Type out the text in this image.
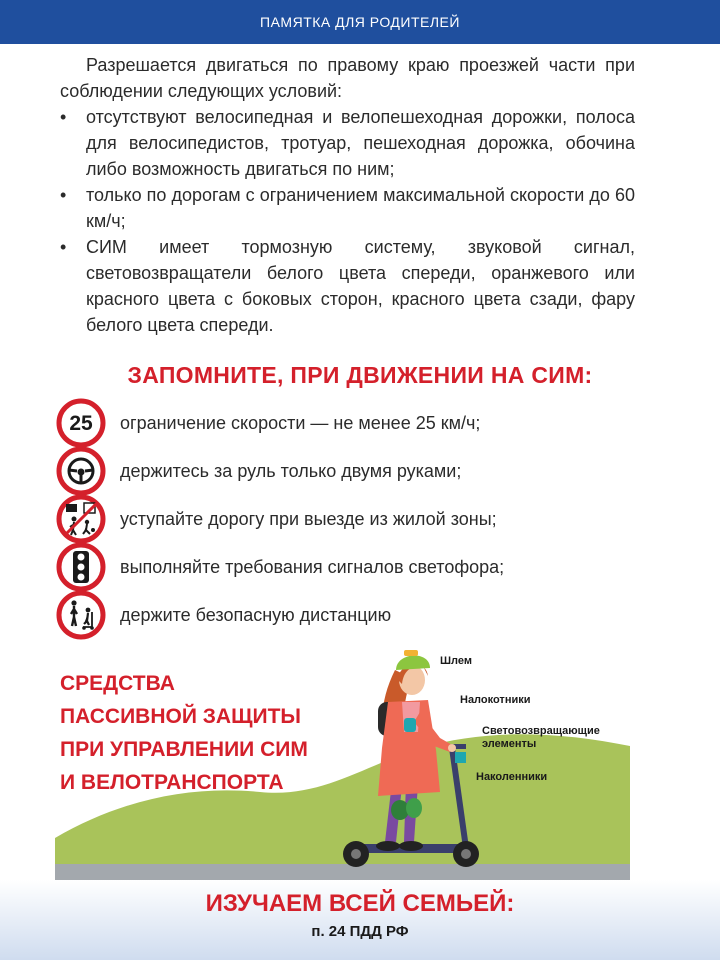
ПАМЯТКА ДЛЯ РОДИТЕЛЕЙ

Разрешается двигаться по правому краю проезжей части при соблюдении следующих условий:

• отсутствуют велосипедная и велопешеходная дорожки, полоса для велосипедистов, тротуар, пешеходная дорожка, обочина либо возможность двигаться по ним;
• только по дорогам с ограничением максимальной скорости до 60 км/ч;
• СИМ имеет тормозную систему, звуковой сигнал, световозвращатели белого цвета спереди, оранжевого или красного цвета с боковых сторон, красного цвета сзади, фару белого цвета спереди.
ЗАПОМНИТЕ, ПРИ ДВИЖЕНИИ НА СИМ:
25 ограничение скорости — не менее 25 км/ч;
держитесь за руль только двумя руками;
уступайте дорогу при выезде из жилой зоны;
выполняйте требования сигналов светофора;
держите безопасную дистанцию
СРЕДСТВА
ПАССИВНОЙ ЗАЩИТЫ
ПРИ УПРАВЛЕНИИ СИМ
И ВЕЛОТРАНСПОРТА
Шлем
Налокотники
Световозвращающие
элементы
Наколенники
ИЗУЧАЕМ ВСЕЙ СЕМЬЕЙ:
п. 24 ПДД РФ
